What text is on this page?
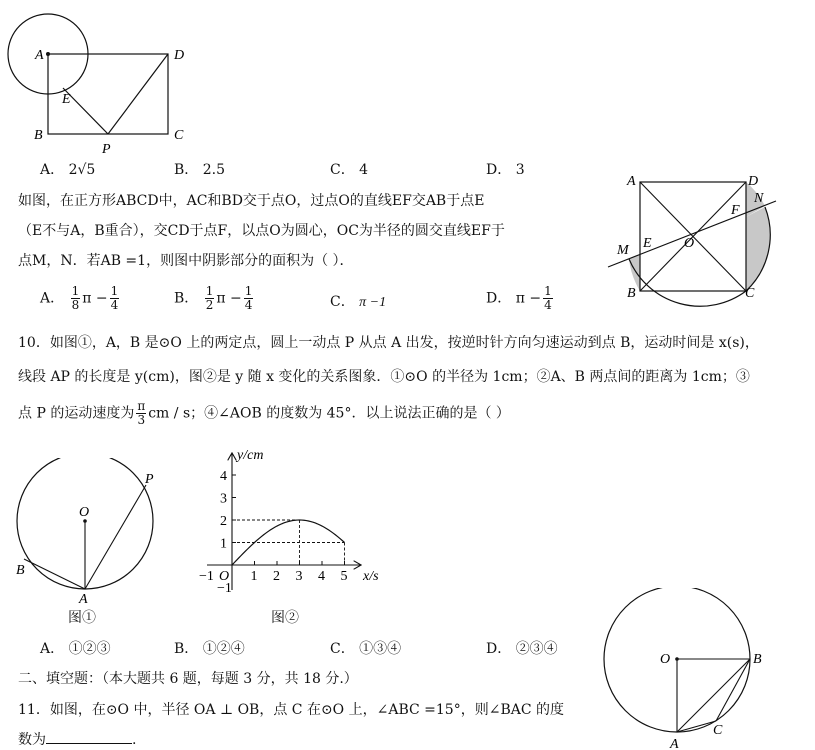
A	D
E
B
P
C
A． 2√5	B． 2.5	C． 4	D． 3
如图，在正方形ABCD中，AC和BD交于点O，过点O的直线EF交AB于点E
（E不与A，B重合），交CD于点F，以点O为圆心，OC为半径的圆交直线EF于
点M，N．若AB =1，则图中阴影部分的面积为（ ）．
A． $\frac{1}{8}$ $\pi - \frac{1}{4}$	B． $\frac{1}{2}$ $\pi - \frac{1}{4}$	C． π −1	D． $\pi - \frac{1}{4}$
A	D
N
F
M E O
B	C
10．如图①，A，B 是⊙O 上的两定点，圆上一动点 P 从点 A 出发，按逆时针方向匀速运动到点 B，运动时间是 x(s)，
线段 AP 的长度是 y(cm)，图②是 y 随 x 变化的关系图象．①⊙O 的半径为 1cm；②A、B 两点间的距离为 1cm；③
点 P 的运动速度为 $\frac{\pi}{3}$ cm / s；④∠AOB 的度数为 45°．以上说法正确的是（ ）
O
P
B
A
图①
y/cm
x/s
O
−1
−1
1 2 3 4 5
1
2
3
4
图②
A． ①②③	B． ①②④	C． ①③④	D． ②③④
二、填空题：（本大题共 6 题，每题 3 分，共 18 分.）
11．如图，在⊙O 中，半径 OA ⊥ OB，点 C 在⊙O 上，∠ABC =15°，则∠BAC 的度
数为	.
O	B
C
A
